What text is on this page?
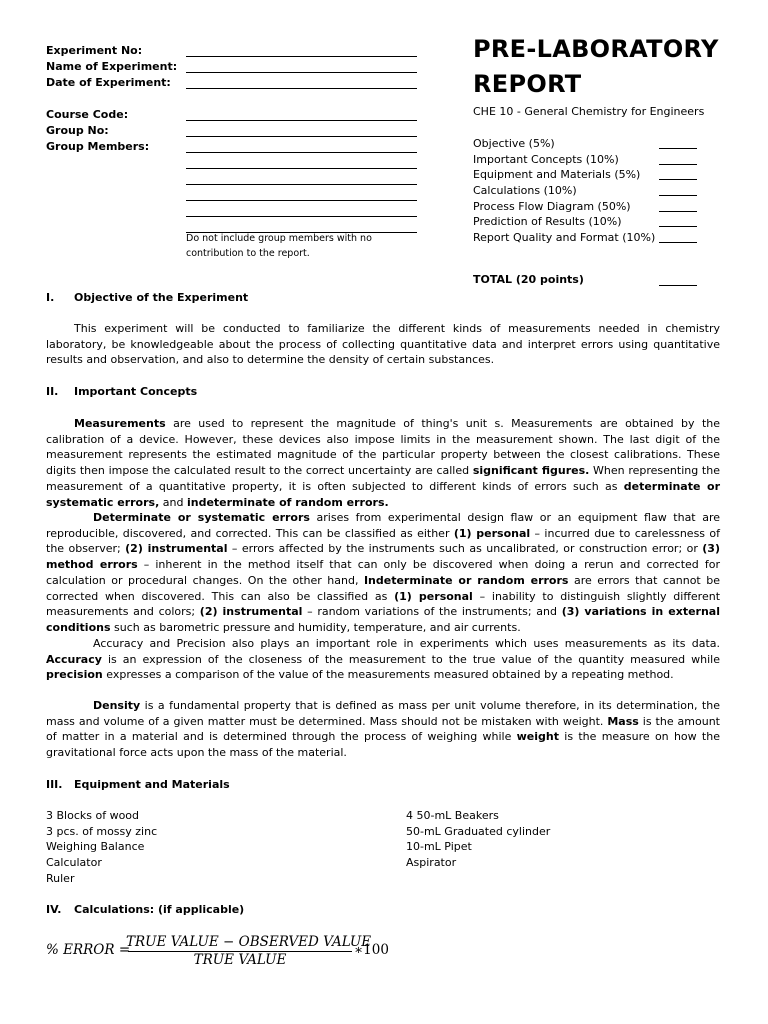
Experiment No:
Name of Experiment:
Date of Experiment:
Course Code:
Group No:
Group Members:
Do not include group members with no contribution to the report.
PRE-LABORATORY
REPORT
CHE 10 - General Chemistry for Engineers
Objective (5%)
Important Concepts (10%)
Equipment and Materials (5%)
Calculations (10%)
Process Flow Diagram (50%)
Prediction of Results (10%)
Report Quality and Format (10%)
TOTAL (20 points)
I. Objective of the Experiment
This experiment will be conducted to familiarize the different kinds of measurements needed in chemistry laboratory, be knowledgeable about the process of collecting quantitative data and interpret errors using quantitative results and observation, and also to determine the density of certain substances.
II. Important Concepts
Measurements are used to represent the magnitude of thing's unit s. Measurements are obtained by the calibration of a device. However, these devices also impose limits in the measurement shown. The last digit of the measurement represents the estimated magnitude of the particular property between the closest calibrations. These digits then impose the calculated result to the correct uncertainty are called significant figures. When representing the measurement of a quantitative property, it is often subjected to different kinds of errors such as determinate or systematic errors, and indeterminate of random errors.
Determinate or systematic errors arises from experimental design flaw or an equipment flaw that are reproducible, discovered, and corrected. This can be classified as either (1) personal – incurred due to carelessness of the observer; (2) instrumental – errors affected by the instruments such as uncalibrated, or construction error; or (3) method errors – inherent in the method itself that can only be discovered when doing a rerun and corrected for calculation or procedural changes. On the other hand, Indeterminate or random errors are errors that cannot be corrected when discovered. This can also be classified as (1) personal – inability to distinguish slightly different measurements and colors; (2) instrumental – random variations of the instruments; and (3) variations in external conditions such as barometric pressure and humidity, temperature, and air currents.
Accuracy and Precision also plays an important role in experiments which uses measurements as its data. Accuracy is an expression of the closeness of the measurement to the true value of the quantity measured while precision expresses a comparison of the value of the measurements measured obtained by a repeating method.
Density is a fundamental property that is defined as mass per unit volume therefore, in its determination, the mass and volume of a given matter must be determined. Mass should not be mistaken with weight. Mass is the amount of matter in a material and is determined through the process of weighing while weight is the measure on how the gravitational force acts upon the mass of the material.
III. Equipment and Materials
3 Blocks of wood
3 pcs. of mossy zinc
Weighing Balance
Calculator
Ruler
4 50-mL Beakers
50-mL Graduated cylinder
10-mL Pipet
Aspirator
IV. Calculations: (if applicable)
% ERROR =
TRUE VALUE − OBSERVED VALUE
TRUE VALUE
∗100
